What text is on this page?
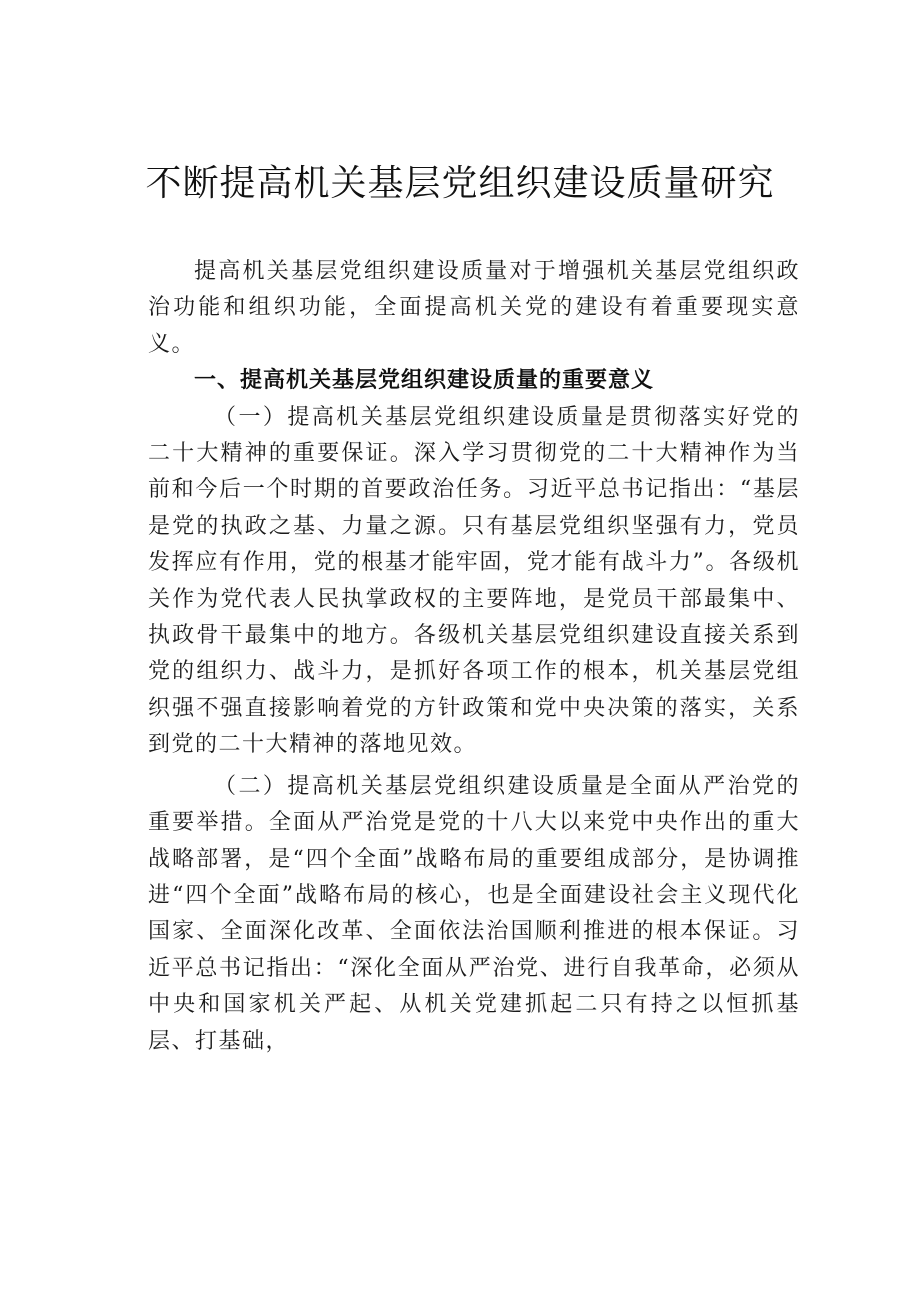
不断提高机关基层党组织建设质量研究

提高机关基层党组织建设质量对于增强机关基层党组织政治功能和组织功能，全面提高机关党的建设有着重要现实意义。

一、提高机关基层党组织建设质量的重要意义

（一）提高机关基层党组织建设质量是贯彻落实好党的二十大精神的重要保证。深入学习贯彻党的二十大精神作为当前和今后一个时期的首要政治任务。习近平总书记指出：“基层是党的执政之基、力量之源。只有基层党组织坚强有力，党员发挥应有作用，党的根基才能牢固，党才能有战斗力”。各级机关作为党代表人民执掌政权的主要阵地，是党员干部最集中、执政骨干最集中的地方。各级机关基层党组织建设直接关系到党的组织力、战斗力，是抓好各项工作的根本，机关基层党组织强不强直接影响着党的方针政策和党中央决策的落实，关系到党的二十大精神的落地见效。

（二）提高机关基层党组织建设质量是全面从严治党的重要举措。全面从严治党是党的十八大以来党中央作出的重大战略部署，是“四个全面”战略布局的重要组成部分，是协调推进“四个全面”战略布局的核心，也是全面建设社会主义现代化国家、全面深化改革、全面依法治国顺利推进的根本保证。习近平总书记指出：“深化全面从严治党、进行自我革命，必须从中央和国家机关严起、从机关党建抓起二只有持之以恒抓基层、打基础，
